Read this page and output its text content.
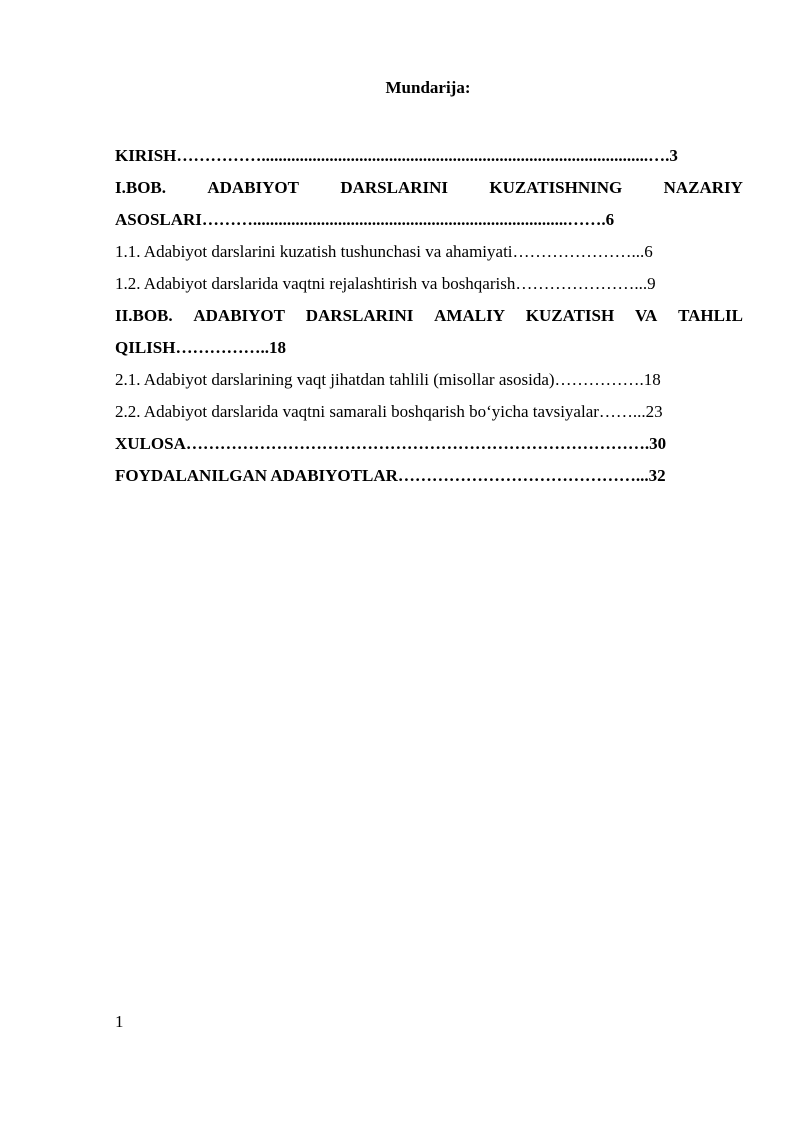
Mundarija:
KIRISH……………...........................................................................................….3
I.BOB. ADABIYOT DARSLARINI KUZATISHNING NAZARIY
ASOSLARI………..........................................................................…….6
1.1. Adabiyot darslarini kuzatish tushunchasi va ahamiyati…………………...6
1.2. Adabiyot darslarida vaqtni rejalashtirish va boshqarish…………………...9
II.BOB. ADABIYOT DARSLARINI AMALIY KUZATISH VA TAHLIL
QILISH……………..18
2.1. Adabiyot darslarining vaqt jihatdan tahlili (misollar asosida)…………….18
2.2. Adabiyot darslarida vaqtni samarali boshqarish bo‘yicha tavsiyalar……...23
XULOSA……………………………………………………………………….30
FOYDALANILGAN ADABIYOTLAR……………………………………...32
1
